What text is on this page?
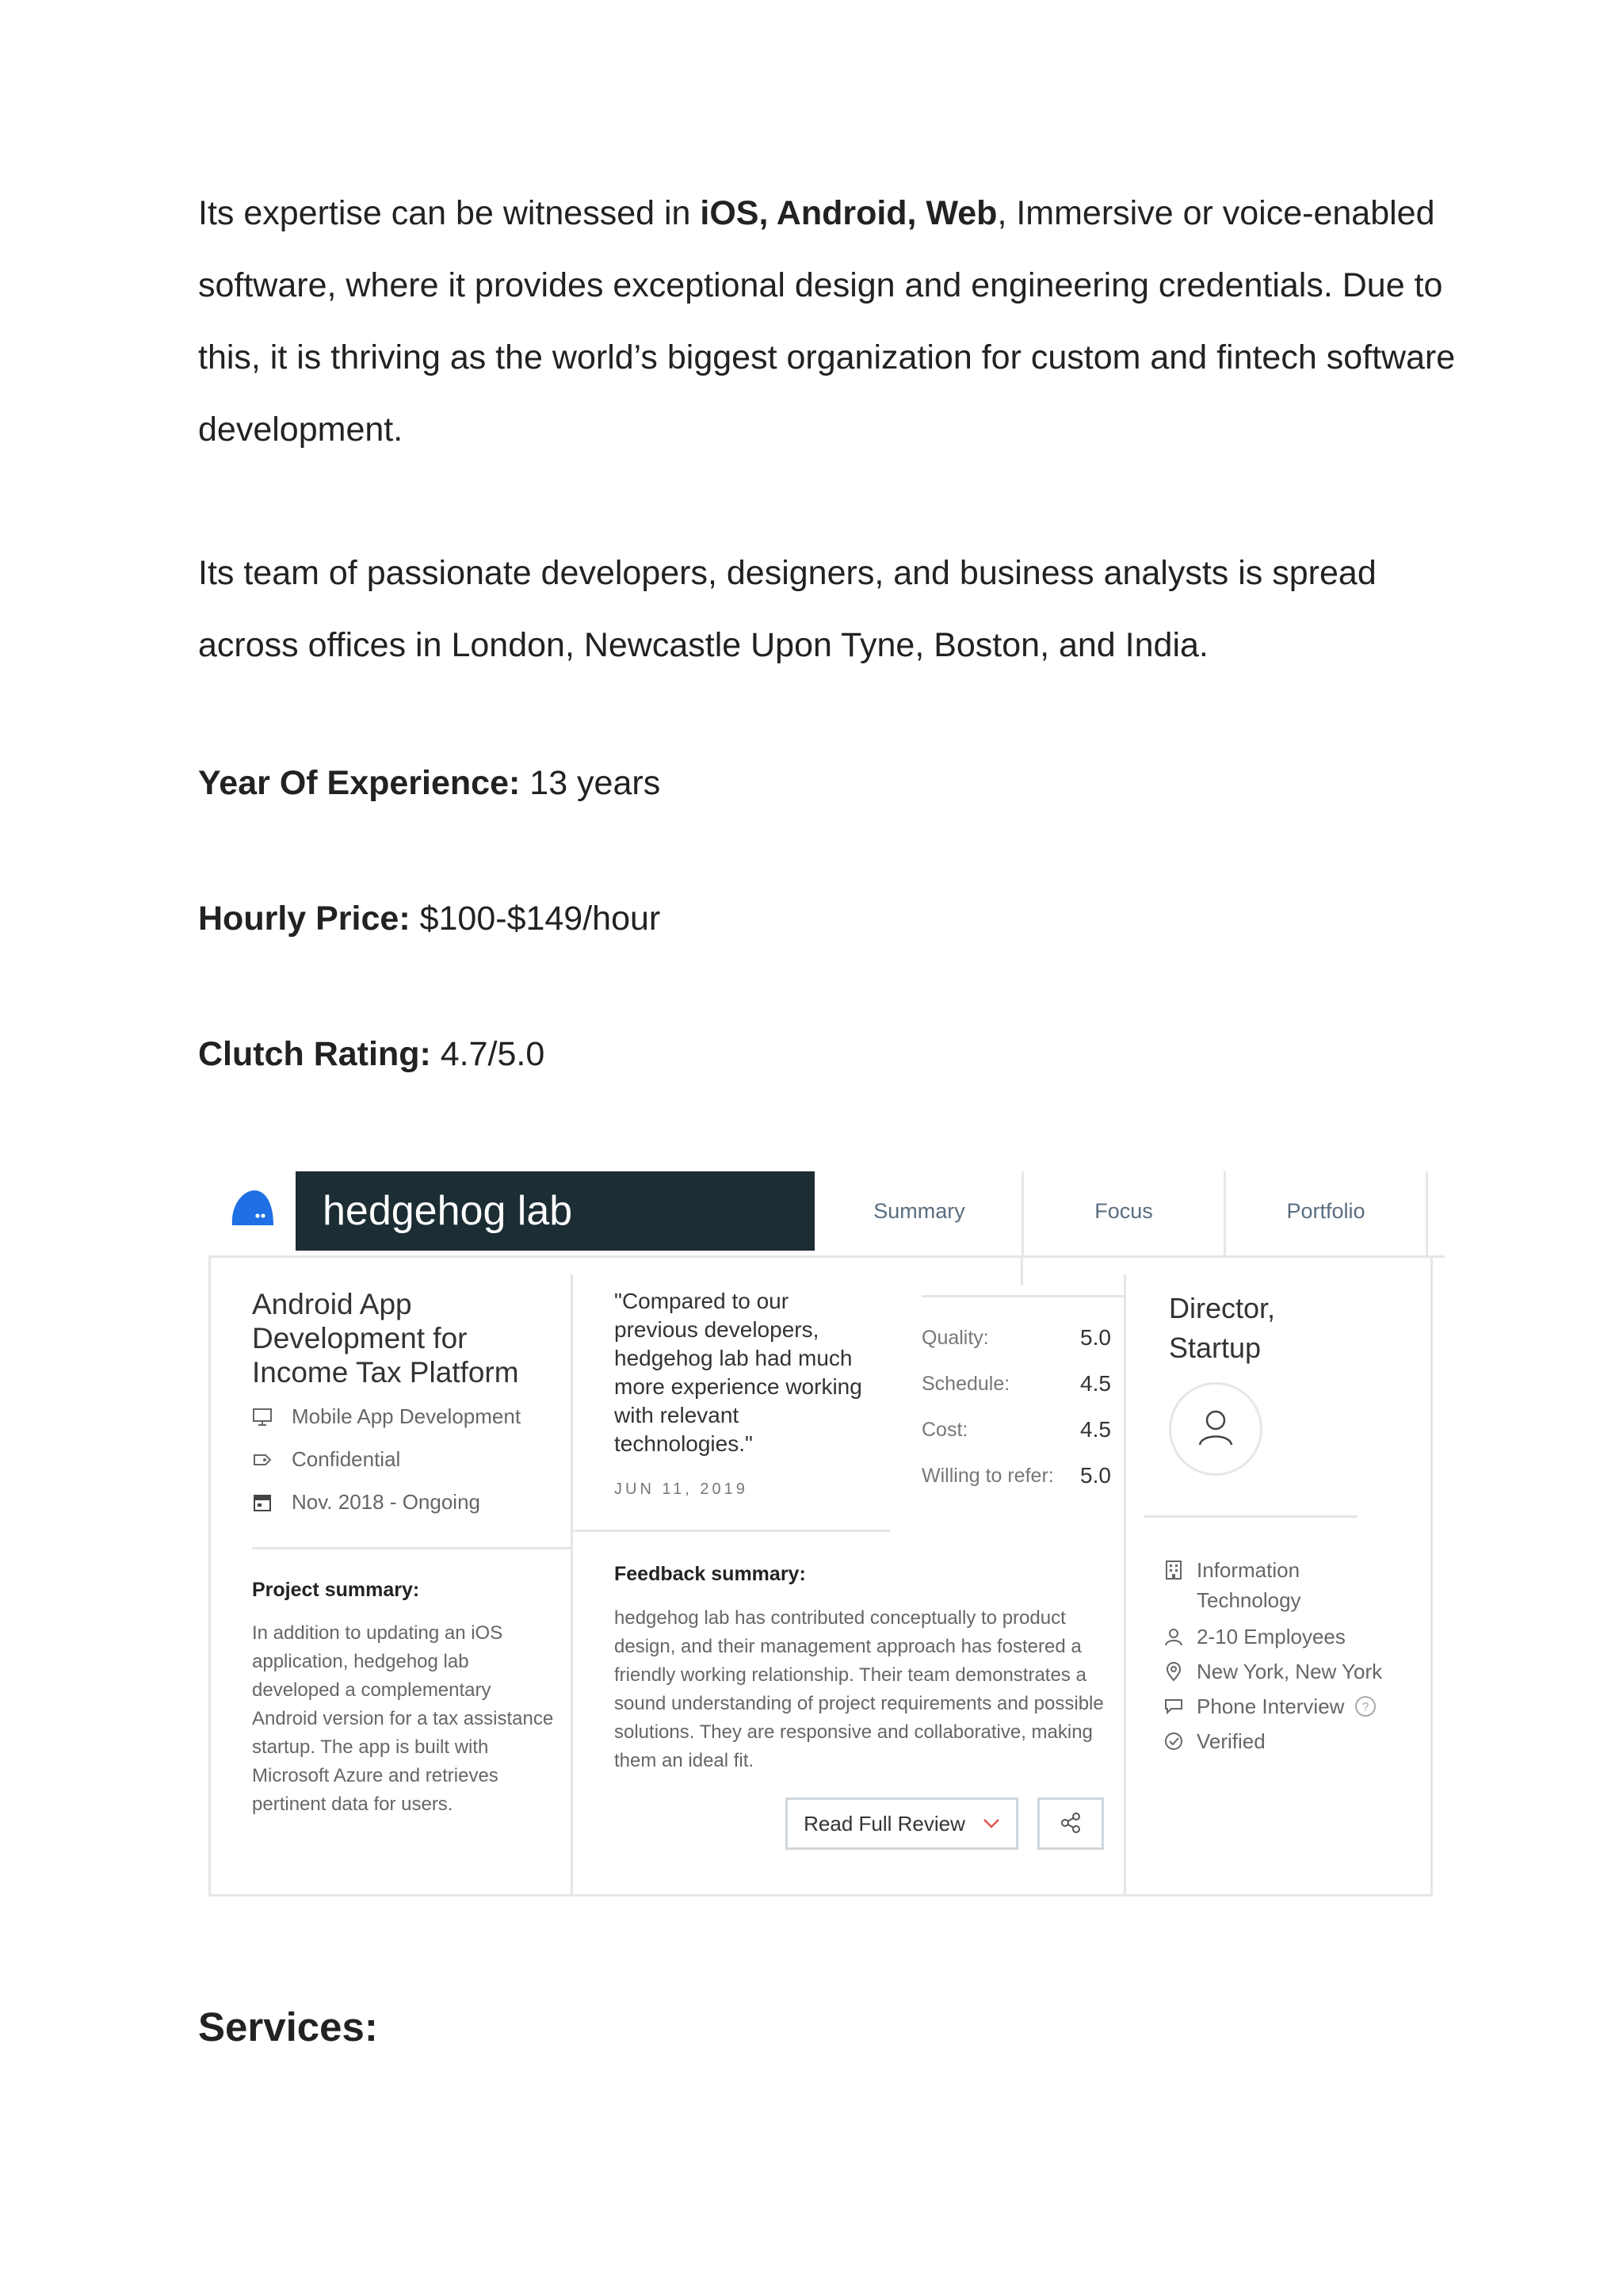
Its expertise can be witnessed in iOS, Android, Web, Immersive or voice-enabled software, where it provides exceptional design and engineering credentials. Due to this, it is thriving as the world’s biggest organization for custom and fintech software development.

Its team of passionate developers, designers, and business analysts is spread across offices in London, Newcastle Upon Tyne, Boston, and India.

Year Of Experience: 13 years

Hourly Price: $100-$149/hour

Clutch Rating: 4.7/5.0

hedgehog lab	Summary	Focus	Portfolio
Android App Development for Income Tax Platform
Mobile App Development
Confidential
Nov. 2018 - Ongoing
Project summary:
In addition to updating an iOS application, hedgehog lab developed a complementary Android version for a tax assistance startup. The app is built with Microsoft Azure and retrieves pertinent data for users.
"Compared to our previous developers, hedgehog lab had much more experience working with relevant technologies."
JUN 11, 2019
Quality:	5.0
Schedule:	4.5
Cost:	4.5
Willing to refer: 5.0
Feedback summary:
hedgehog lab has contributed conceptually to product design, and their management approach has fostered a friendly working relationship. Their team demonstrates a sound understanding of project requirements and possible solutions. They are responsive and collaborative, making them an ideal fit.
Read Full Review
Director, Startup
Information Technology
2-10 Employees
New York, New York
Phone Interview ?
Verified
Services:
